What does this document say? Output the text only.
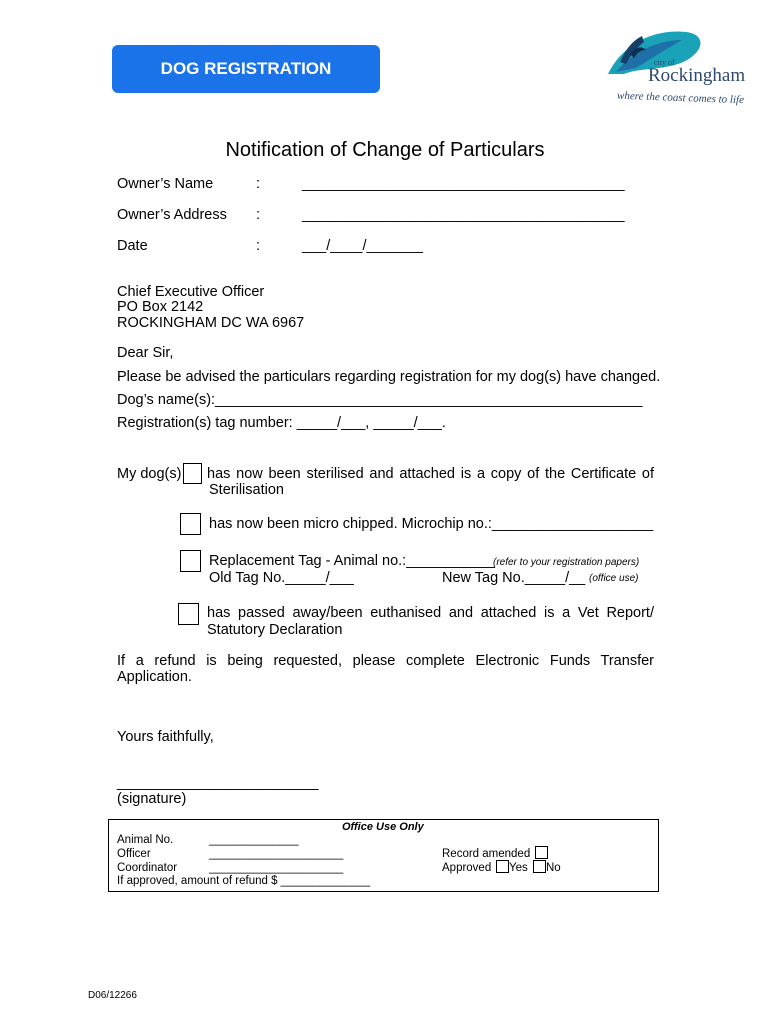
DOG REGISTRATION	city of
Rockingham
where the coast comes to life
Notification of Change of Particulars
Owner’s Name	:	________________________________________
Owner’s Address :	________________________________________
Date	:	___/____/_______
Chief Executive Officer
PO Box 2142
ROCKINGHAM DC WA 6967
Dear Sir,
Please be advised the particulars regarding registration for my dog(s) have changed.
Dog’s name(s):_____________________________________________________
Registration(s) tag number: _____/___, _____/___.
My dog(s) has now been sterilised and attached is a copy of the Certificate of
Sterilisation
has now been micro chipped. Microchip no.:____________________
Replacement Tag - Animal no.:___________
(refer to your registration papers)
Old Tag No._____/___	New Tag No._____/__ (office use)
has passed away/been euthanised and attached is a Vet Report/
Statutory Declaration
If a refund is being requested, please complete Electronic Funds Transfer
Application.
Yours faithfully,
_________________________
(signature)
Office Use Only
Animal No.	______________
Officer	_____________________
Coordinator	_____________________
If approved, amount of refund $ ______________
Record amended
Approved Yes No
D06/12266
